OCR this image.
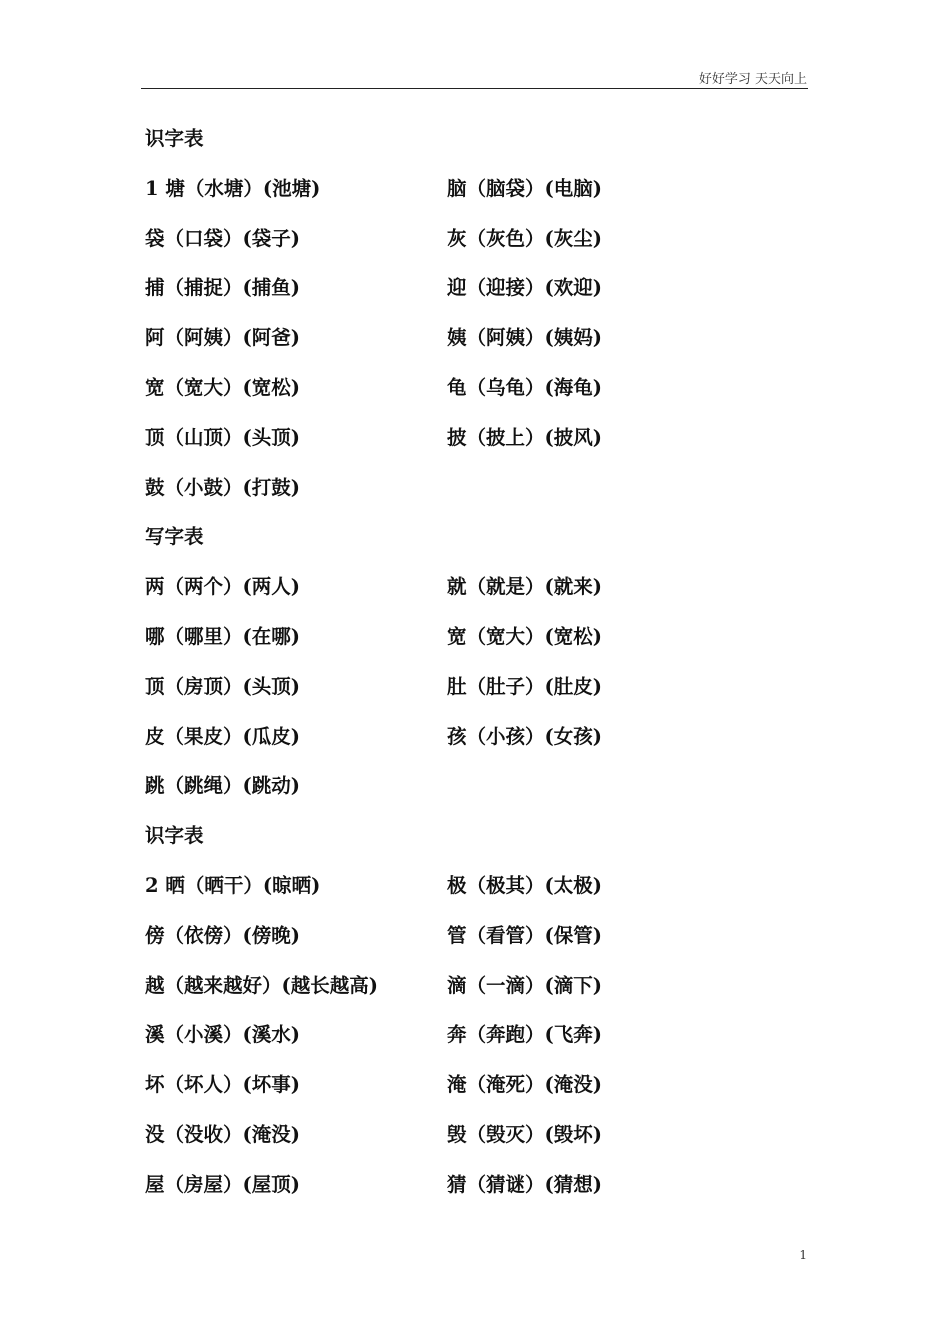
好好学习 天天向上
识字表
1 塘（水塘）(池塘)	脑（脑袋）(电脑)
袋（口袋）(袋子)	灰（灰色）(灰尘)
捕（捕捉）(捕鱼)	迎（迎接）(欢迎)
阿（阿姨）(阿爸)	姨（阿姨）(姨妈)
宽（宽大）(宽松)	龟（乌龟）(海龟)
顶（山顶）(头顶)	披（披上）(披风)
鼓（小鼓）(打鼓)
写字表
两（两个）(两人)	就（就是）(就来)
哪（哪里）(在哪)	宽（宽大）(宽松)
顶（房顶）(头顶)	肚（肚子）(肚皮)
皮（果皮）(瓜皮)	孩（小孩）(女孩)
跳（跳绳）(跳动)
识字表
2 晒（晒干）(晾晒)	极（极其）(太极)
傍（依傍）(傍晚)	管（看管）(保管)
越（越来越好）(越长越高)	滴（一滴）(滴下)
溪（小溪）(溪水)	奔（奔跑）(飞奔)
坏（坏人）(坏事)	淹（淹死）(淹没)
没（没收）(淹没)	毁（毁灭）(毁坏)
屋（房屋）(屋顶)	猜（猜谜）(猜想)
1
